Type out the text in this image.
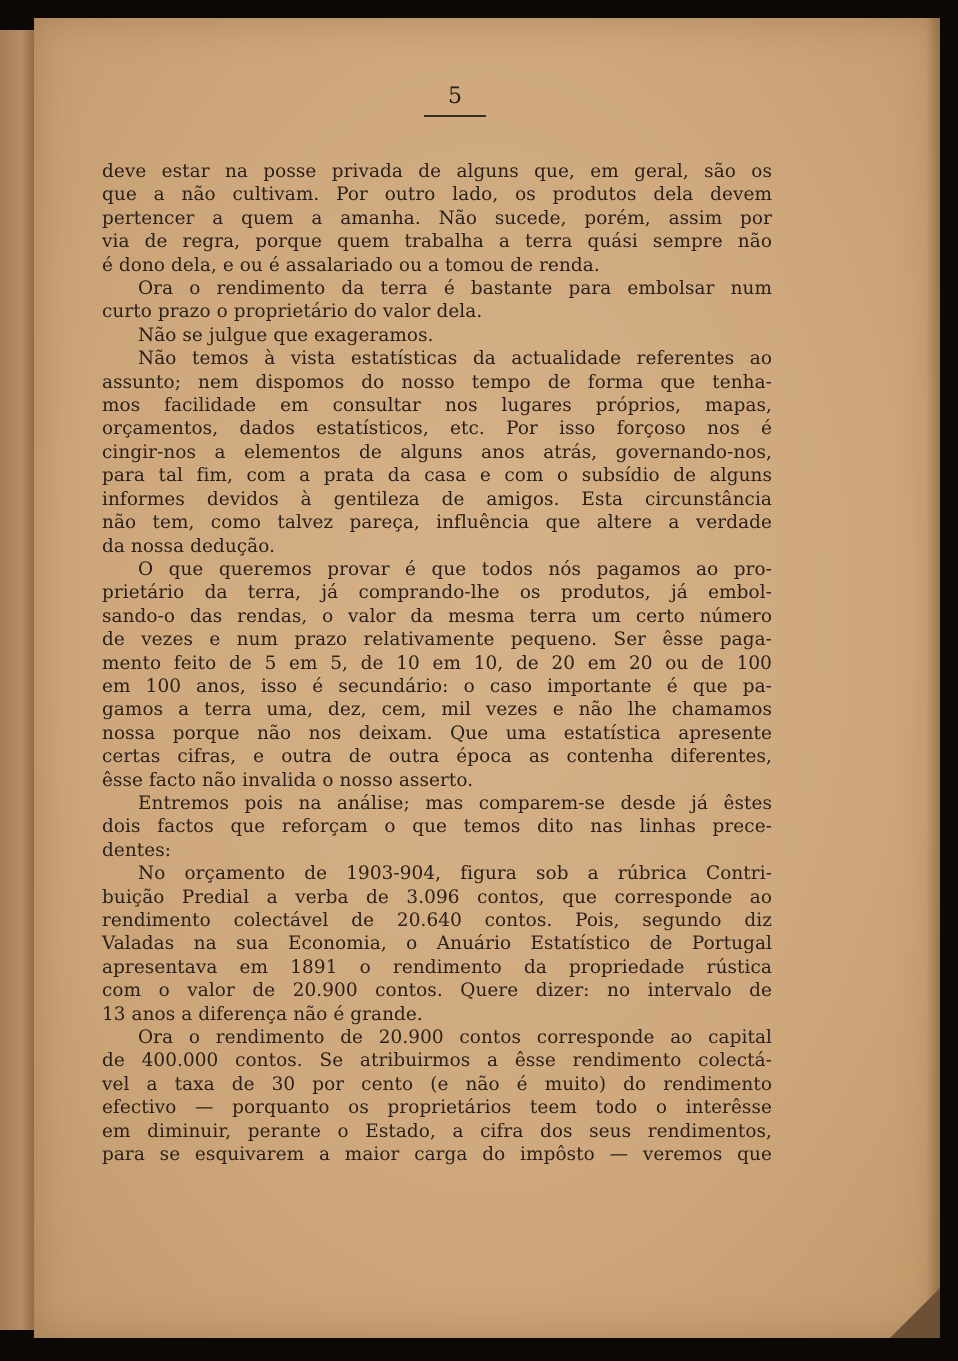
5
deve estar na posse privada de alguns que, em geral, são os
que a não cultivam. Por outro lado, os produtos dela devem
pertencer a quem a amanha. Não sucede, porém, assim por
via de regra, porque quem trabalha a terra quási sempre não
é dono dela, e ou é assalariado ou a tomou de renda.
Ora o rendimento da terra é bastante para embolsar num
curto prazo o proprietário do valor dela.
Não se julgue que exageramos.
Não temos à vista estatísticas da actualidade referentes ao
assunto; nem dispomos do nosso tempo de forma que tenha-
mos facilidade em consultar nos lugares próprios, mapas,
orçamentos, dados estatísticos, etc. Por isso forçoso nos é
cingir-nos a elementos de alguns anos atrás, governando-nos,
para tal fim, com a prata da casa e com o subsídio de alguns
informes devidos à gentileza de amigos. Esta circunstância
não tem, como talvez pareça, influência que altere a verdade
da nossa dedução.
O que queremos provar é que todos nós pagamos ao pro-
prietário da terra, já comprando-lhe os produtos, já embol-
sando-o das rendas, o valor da mesma terra um certo número
de vezes e num prazo relativamente pequeno. Ser êsse paga-
mento feito de 5 em 5, de 10 em 10, de 20 em 20 ou de 100
em 100 anos, isso é secundário: o caso importante é que pa-
gamos a terra uma, dez, cem, mil vezes e não lhe chamamos
nossa porque não nos deixam. Que uma estatística apresente
certas cifras, e outra de outra época as contenha diferentes,
êsse facto não invalida o nosso asserto.
Entremos pois na análise; mas comparem-se desde já êstes
dois factos que reforçam o que temos dito nas linhas prece-
dentes:
No orçamento de 1903-904, figura sob a rúbrica Contri-
buição Predial a verba de 3.096 contos, que corresponde ao
rendimento colectável de 20.640 contos. Pois, segundo diz
Valadas na sua Economia, o Anuário Estatístico de Portugal
apresentava em 1891 o rendimento da propriedade rústica
com o valor de 20.900 contos. Quere dizer: no intervalo de
13 anos a diferença não é grande.
Ora o rendimento de 20.900 contos corresponde ao capital
de 400.000 contos. Se atribuirmos a êsse rendimento colectá-
vel a taxa de 30 por cento (e não é muito) do rendimento
efectivo — porquanto os proprietários teem todo o interêsse
em diminuir, perante o Estado, a cifra dos seus rendimentos,
para se esquivarem a maior carga do impôsto — veremos que
